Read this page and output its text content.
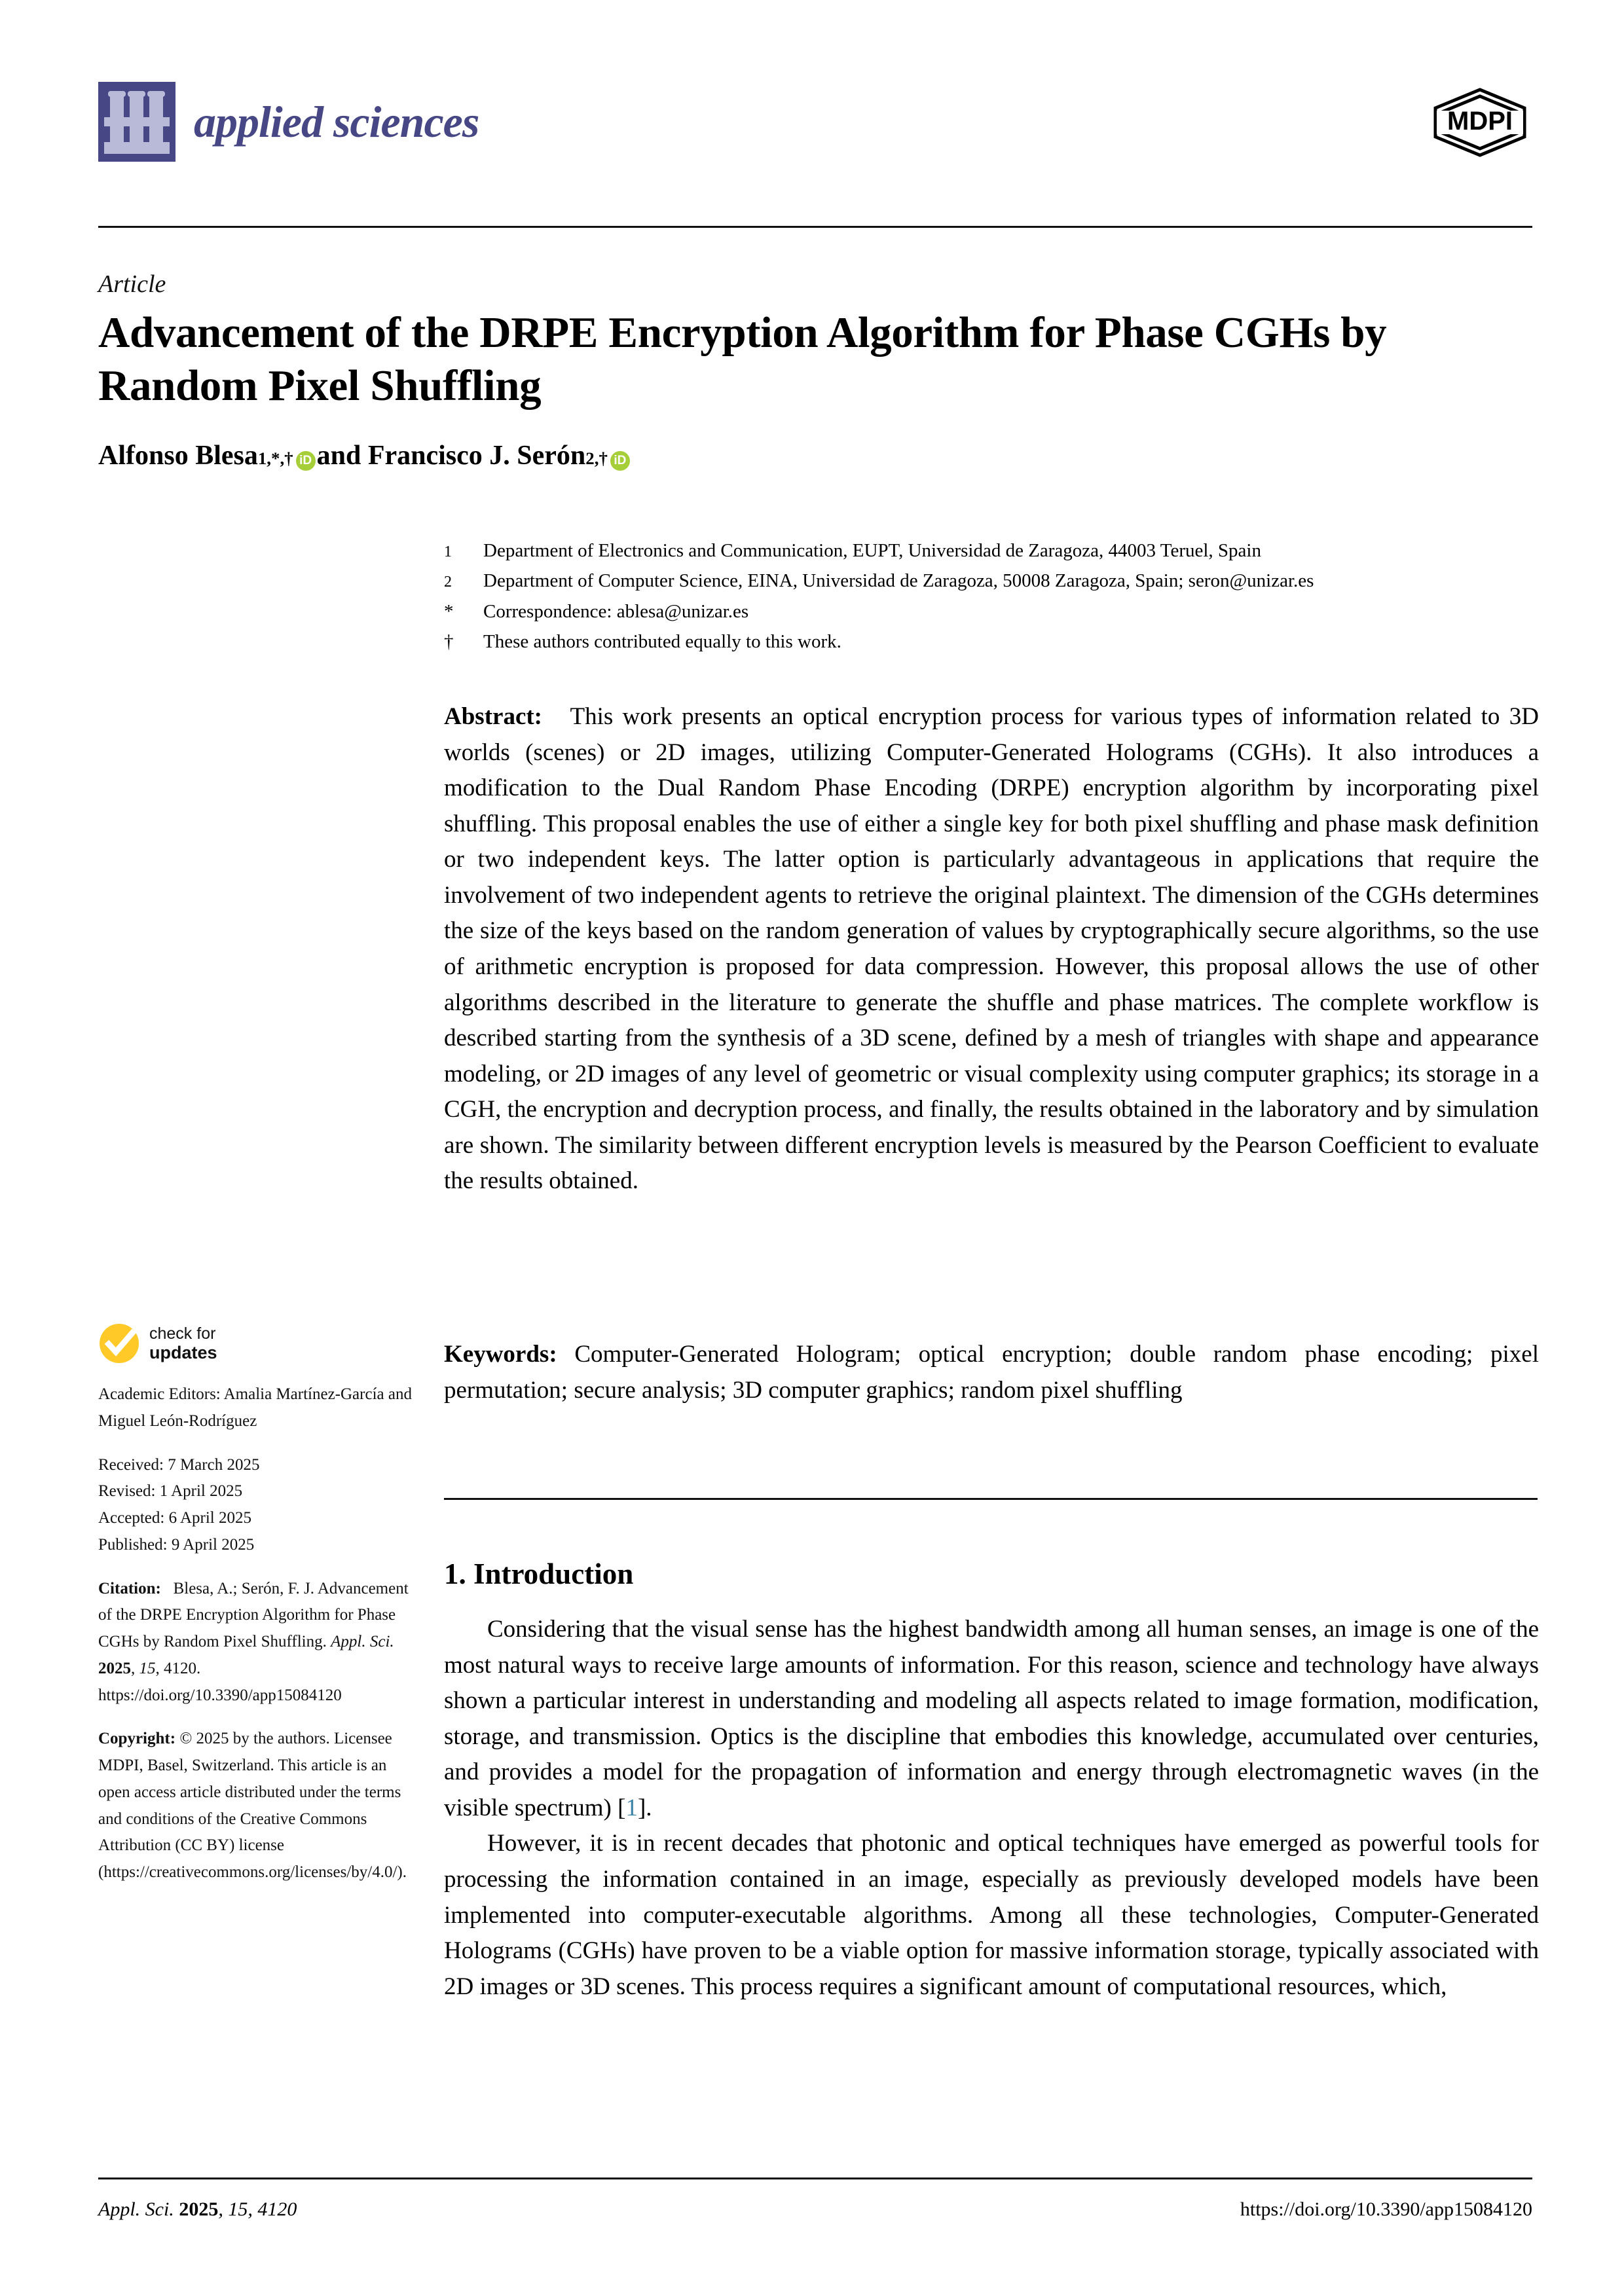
applied sciences	MDPI
Article
Advancement of the DRPE Encryption Algorithm for Phase CGHs by Random Pixel Shuffling
Alfonso Blesa 1,*,† iD and Francisco J. Serón 2,† iD
1	Department of Electronics and Communication, EUPT, Universidad de Zaragoza, 44003 Teruel, Spain
2	Department of Computer Science, EINA, Universidad de Zaragoza, 50008 Zaragoza, Spain; seron@unizar.es
*	Correspondence: ablesa@unizar.es
†	These authors contributed equally to this work.
Abstract: This work presents an optical encryption process for various types of information related to 3D worlds (scenes) or 2D images, utilizing Computer-Generated Holograms (CGHs). It also introduces a modification to the Dual Random Phase Encoding (DRPE) encryption algorithm by incorporating pixel shuffling. This proposal enables the use of either a single key for both pixel shuffling and phase mask definition or two independent keys. The latter option is particularly advantageous in applications that require the involvement of two independent agents to retrieve the original plaintext. The dimension of the CGHs determines the size of the keys based on the random generation of values by cryptographically secure algorithms, so the use of arithmetic encryption is proposed for data compression. However, this proposal allows the use of other algorithms described in the literature to generate the shuffle and phase matrices. The complete workflow is described starting from the synthesis of a 3D scene, defined by a mesh of triangles with shape and appearance modeling, or 2D images of any level of geometric or visual complexity using computer graphics; its storage in a CGH, the encryption and decryption process, and finally, the results obtained in the laboratory and by simulation are shown. The similarity between different encryption levels is measured by the Pearson Coefficient to evaluate the results obtained.
Keywords: Computer-Generated Hologram; optical encryption; double random phase encoding; pixel permutation; secure analysis; 3D computer graphics; random pixel shuffling
1. Introduction

Considering that the visual sense has the highest bandwidth among all human senses, an image is one of the most natural ways to receive large amounts of information. For this reason, science and technology have always shown a particular interest in understanding and modeling all aspects related to image formation, modification, storage, and transmission. Optics is the discipline that embodies this knowledge, accumulated over centuries, and provides a model for the propagation of information and energy through electromagnetic waves (in the visible spectrum) [1].

However, it is in recent decades that photonic and optical techniques have emerged as powerful tools for processing the information contained in an image, especially as previously developed models have been implemented into computer-executable algorithms. Among all these technologies, Computer-Generated Holograms (CGHs) have proven to be a viable option for massive information storage, typically associated with 2D images or 3D scenes. This process requires a significant amount of computational resources, which,

check for
updates
Academic Editors: Amalia Martínez-García and Miguel León-Rodríguez
Received: 7 March 2025
Revised: 1 April 2025
Accepted: 6 April 2025
Published: 9 April 2025
Citation: Blesa, A.; Serón, F. J. Advancement of the DRPE Encryption Algorithm for Phase CGHs by Random Pixel Shuffling. Appl. Sci. 2025, 15, 4120. https://doi.org/10.3390/app15084120
Copyright: © 2025 by the authors. Licensee MDPI, Basel, Switzerland. This article is an open access article distributed under the terms and conditions of the Creative Commons Attribution (CC BY) license (https://creativecommons.org/licenses/by/4.0/).
Appl. Sci. 2025, 15, 4120	https://doi.org/10.3390/app15084120
